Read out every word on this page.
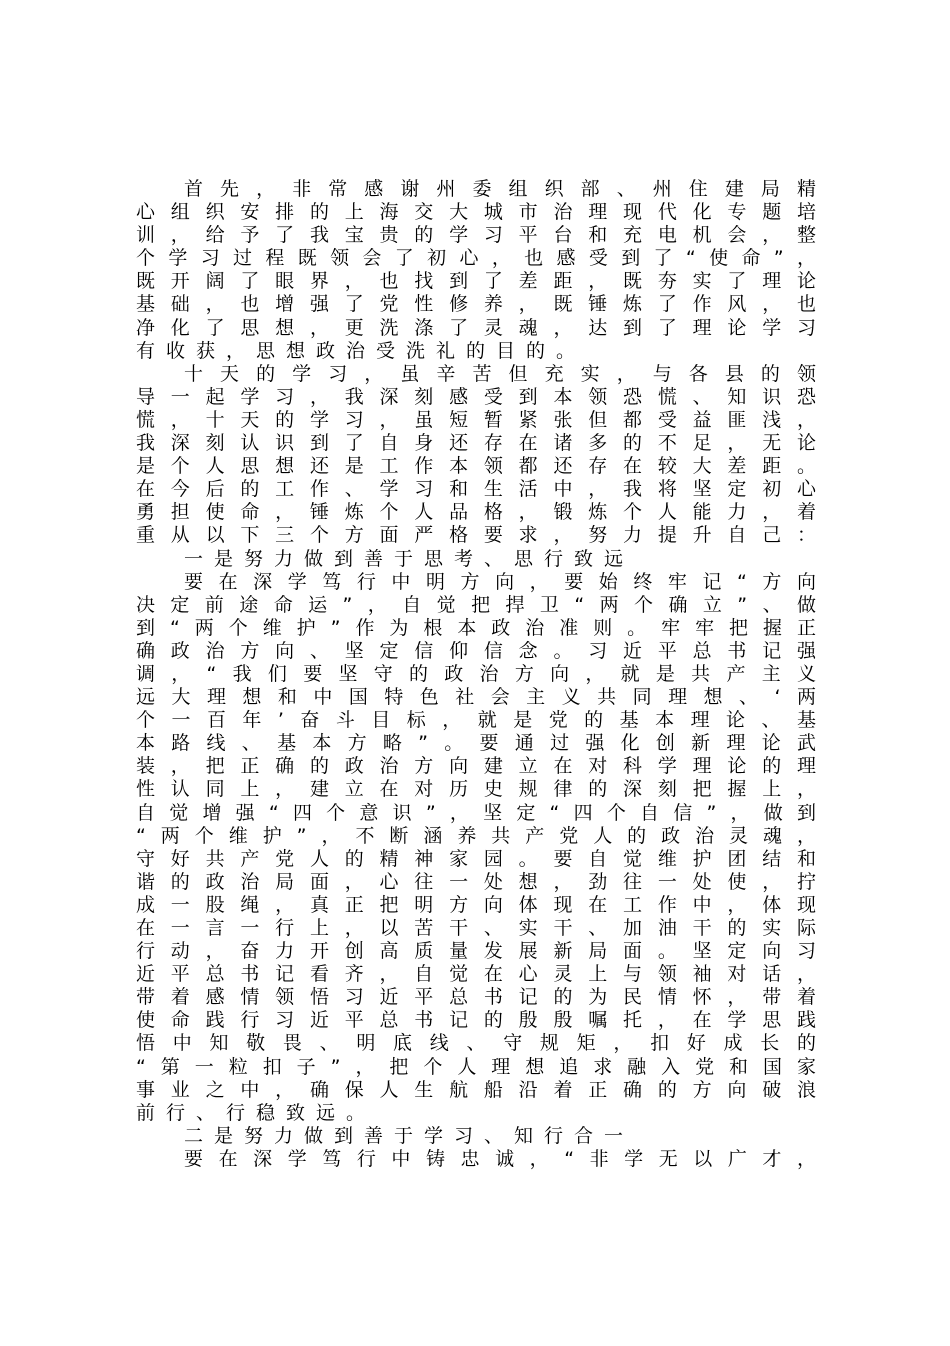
首先，非常感谢州委组织部、州住建局精
心组织安排的上海交大城市治理现代化专题培
训，给予了我宝贵的学习平台和充电机会，整
个学习过程既领会了初心，也感受到了“使命”，
既开阔了眼界，也找到了差距，既夯实了理论
基础，也增强了党性修养，既锤炼了作风，也
净化了思想，更洗涤了灵魂，达到了理论学习
有收获，思想政治受洗礼的目的。
十天的学习，虽辛苦但充实，与各县的领
导一起学习，我深刻感受到本领恐慌、知识恐
慌，十天的学习，虽短暂紧张但都受益匪浅，
我深刻认识到了自身还存在诸多的不足，无论
是个人思想还是工作本领都还存在较大差距。
在今后的工作、学习和生活中，我将坚定初心
勇担使命，锤炼个人品格，锻炼个人能力，着
重从以下三个方面严格要求，努力提升自己：
一是努力做到善于思考、思行致远
要在深学笃行中明方向，要始终牢记“方向
决定前途命运”，自觉把捍卫“两个确立”、做
到“两个维护”作为根本政治准则。牢牢把握正
确政治方向、坚定信仰信念。习近平总书记强
调，“我们要坚守的政治方向，就是共产主义
远大理想和中国特色社会主义共同理想、‘两
个一百年’奋斗目标，就是党的基本理论、基
本路线、基本方略”。要通过强化创新理论武
装，把正确的政治方向建立在对科学理论的理
性认同上，建立在对历史规律的深刻把握上，
自觉增强“四个意识”，坚定“四个自信”，做到
“两个维护”，不断涵养共产党人的政治灵魂，
守好共产党人的精神家园。要自觉维护团结和
谐的政治局面，心往一处想，劲往一处使，拧
成一股绳，真正把明方向体现在工作中，体现
在一言一行上，以苦干、实干、加油干的实际
行动，奋力开创高质量发展新局面。坚定向习
近平总书记看齐，自觉在心灵上与领袖对话，
带着感情领悟习近平总书记的为民情怀，带着
使命践行习近平总书记的殷殷嘱托，在学思践
悟中知敬畏、明底线、守规矩，扣好成长的
“第一粒扣子”，把个人理想追求融入党和国家
事业之中，确保人生航船沿着正确的方向破浪
前行、行稳致远。
二是努力做到善于学习、知行合一
要在深学笃行中铸忠诚，“非学无以广才，
